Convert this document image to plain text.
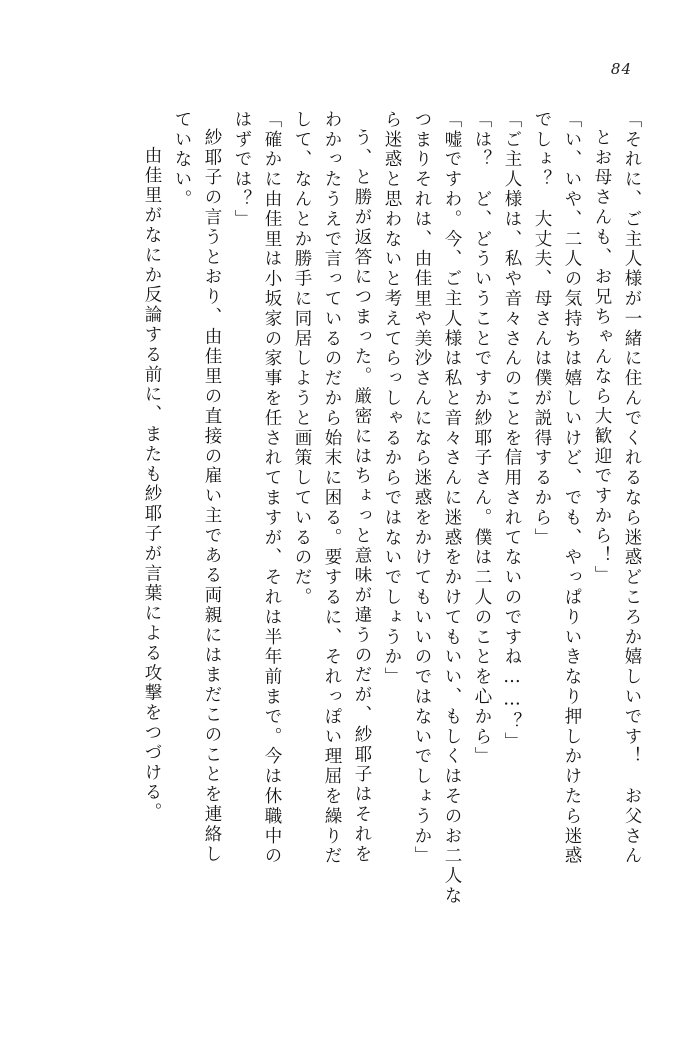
84
「それに、ご主人様が一緒に住んでくれるなら迷惑どころか嬉しいです！　お父さん
とお母さんも、お兄ちゃんなら大歓迎ですから！」
「い、いや、二人の気持ちは嬉しいけど、でも、やっぱりいきなり押しかけたら迷惑
でしょ？　大丈夫、母さんは僕が説得するから」
「ご主人様は、私や音々さんのことを信用されてないのですね……？」
「は？　ど、どういうことですか紗耶子さん。僕は二人のことを心から」
「嘘ですわ。今、ご主人様は私と音々さんに迷惑をかけてもいい、もしくはそのお二人な
つまりそれは、由佳里や美沙さんになら迷惑をかけてもいいのではないでしょうか」
ら迷惑と思わないと考えてらっしゃるからではないでしょうか」
う、と勝が返答につまった。厳密にはちょっと意味が違うのだが、紗耶子はそれを
わかったうえで言っているのだから始末に困る。要するに、それっぽい理屈を繰りだ
して、なんとか勝手に同居しようと画策しているのだ。
「確かに由佳里は小坂家の家事を任されてますが、それは半年前まで。今は休職中の
はずでは？」
紗耶子の言うとおり、由佳里の直接の雇い主である両親にはまだこのことを連絡し
ていない。
由佳里がなにか反論する前に、またも紗耶子が言葉による攻撃をつづける。
